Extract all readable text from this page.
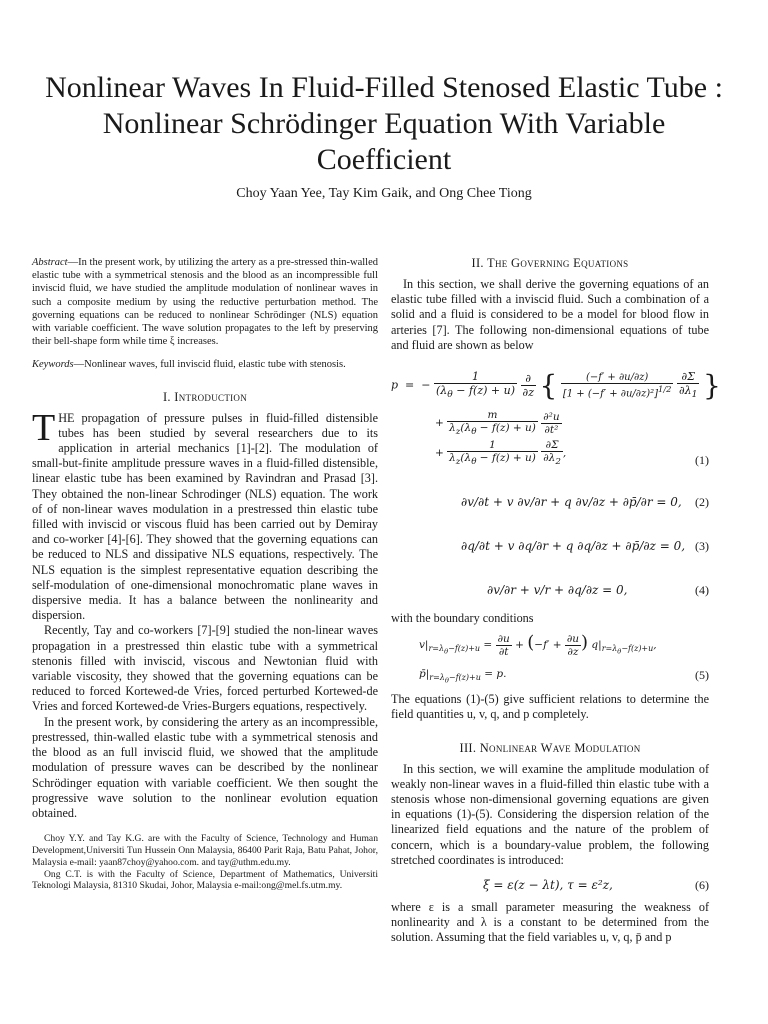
Nonlinear Waves In Fluid-Filled Stenosed Elastic Tube : Nonlinear Schrödinger Equation With Variable Coefficient
Choy Yaan Yee, Tay Kim Gaik, and Ong Chee Tiong

Abstract—In the present work, by utilizing the artery as a pre-stressed thin-walled elastic tube with a symmetrical stenosis and the blood as an incompressible full inviscid fluid, we have studied the amplitude modulation of nonlinear waves in such a composite medium by using the reductive perturbation method. The governing equations can be reduced to nonlinear Schrödinger (NLS) equation with variable coefficient. The wave solution propagates to the left by preserving their bell-shape form while time ξ increases.

Keywords—Nonlinear waves, full inviscid fluid, elastic tube with stenosis.

I. Introduction

THE propagation of pressure pulses in fluid-filled distensible tubes has been studied by several researchers due to its application in arterial mechanics [1]-[2]. The modulation of small-but-finite amplitude pressure waves in a fluid-filled distensible, linear elastic tube has been examined by Ravindran and Prasad [3]. They obtained the non-linear Schrodinger (NLS) equation. The work of of non-linear waves modulation in a prestressed thin elastic tube filled with inviscid or viscous fluid has been carried out by Demiray and co-worker [4]-[6]. They showed that the governing equations can be reduced to NLS and dissipative NLS equations, respectively. The NLS equation is the simplest representative equation describing the self-modulation of one-dimensional monochromatic plane waves in dispersive media. It has a balance between the nonlinearity and dispersion.

Recently, Tay and co-workers [7]-[9] studied the non-linear waves propagation in a prestressed thin elastic tube with a symmetrical stenonis filled with inviscid, viscous and Newtonian fluid with variable viscosity, they showed that the governing equations can be reduced to forced Kortewed-de Vries, forced perturbed Kortewed-de Vries and forced Kortewed-de Vries-Burgers equations, respectively.

In the present work, by considering the artery as an incompressible, prestressed, thin-walled elastic tube with a symmetrical stenosis and the blood as an full inviscid fluid, we showed that the amplitude modulation of pressure waves can be described by the nonlinear Schrödinger equation with variable coefficient. We then sought the progressive wave solution to the nonlinear evolution equation obtained.

Choy Y.Y. and Tay K.G. are with the Faculty of Science, Technology and Human Development,Universiti Tun Hussein Onn Malaysia, 86400 Parit Raja, Batu Pahat, Johor, Malaysia e-mail: yaan87choy@yahoo.com. and tay@uthm.edu.my.

Ong C.T. is with the Faculty of Science, Department of Mathematics, Universiti Teknologi Malaysia, 81310 Skudai, Johor, Malaysia e-mail:ong@mel.fs.utm.my.

II. The Governing Equations

In this section, we shall derive the governing equations of an elastic tube filled with a inviscid fluid. Such a combination of a solid and a fluid is considered to be a model for blood flow in arteries [7]. The following non-dimensional equations of tube and fluid are shown as below

p  =  − $\frac{1}{(\lambda_\theta - f(z) + u)}$
$\frac{\partial}{\partial z}$ { $\frac{(-f' + \partial u/\partial z)}{[1 + (-f' + \partial u/\partial z)^2]^{1/2}}$
$\frac{\partial\Sigma}{\partial\lambda_1}$ }
+ $\frac{m}{\lambda_z(\lambda_\theta - f(z) + u)}$
$\frac{\text{∂²u}}{\text{∂t²}}$
+ $\frac{1}{\lambda_z(\lambda_\theta - f(z) + u)}$
$\frac{\partial\Sigma}{\partial\lambda_2}$ ,	(1)
∂v/∂t + v ∂v/∂r + q ∂v/∂z + ∂p̄/∂r = 0, (2)
∂q/∂t + v ∂q/∂r + q ∂q/∂z + ∂p̄/∂z = 0, (3)
∂v/∂r + v/r + ∂q/∂z = 0,	(4)

with the boundary conditions

$v|_{r=\lambda_\theta-f(z)+u} = \frac{\partial u}{\partial t} + (-f' + \frac{\partial u}{\partial z}$ ) $q|_{r=\lambda_\theta-f(z)+u}$,
$p̄|_{r=\lambda_\theta-f(z)+u} = p$.	(5)

The equations (1)-(5) give sufficient relations to determine the field quantities u, v, q, and p completely.

III. Nonlinear Wave Modulation

In this section, we will examine the amplitude modulation of weakly non-linear waves in a fluid-filled thin elastic tube with a stenosis whose non-dimensional governing equations are given in equations (1)-(5). Considering the dispersion relation of the linearized field equations and the nature of the problem of concern, which is a boundary-value problem, the following stretched coordinates is introduced:

ξ = ε(z − λt), τ = ε²z,	(6)

where ε is a small parameter measuring the weakness of nonlinearity and λ is a constant to be determined from the solution. Assuming that the field variables u, v, q, p̄ and p
